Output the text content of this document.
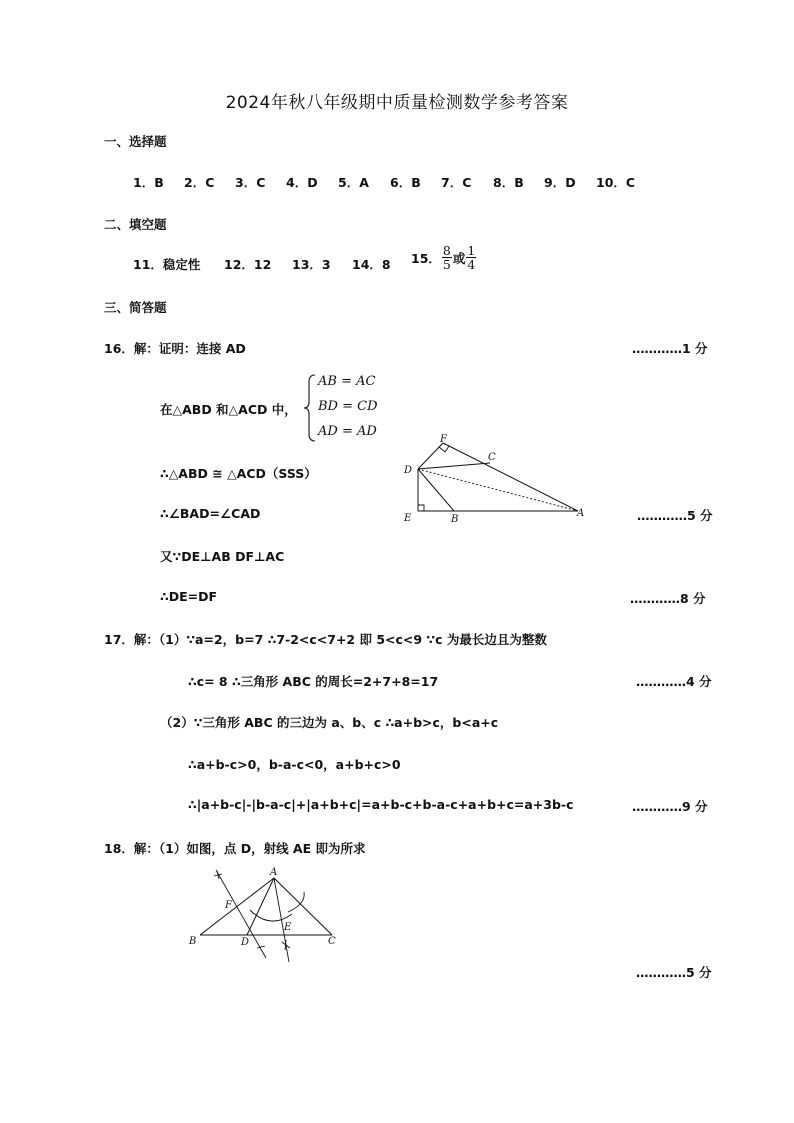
2024年秋八年级期中质量检测数学参考答案
一、选择题
1．B	2．C	3．C	4．D	5．A	6．B	7．C	8．B	9．D	10．C
二、填空题
11．稳定性 12．12 13．3 14．8 15． $\frac{8}{5}$ 或 $\frac{1}{4}$
三、简答题
16．解：证明：连接 AD	…………1 分
在△ABD 和△ACD 中，
AB = AC
BD = CD
AD = AD
∴△ABD ≅ △ACD（SSS）
F
C
D
E	B
A
∴∠BAD=∠CAD	…………5 分
又∵DE⊥AB DF⊥AC
∴DE=DF	…………8 分
17．解：（1）∵a=2，b=7 ∴7-2<c<7+2 即 5<c<9 ∵c 为最长边且为整数
∴c= 8 ∴三角形 ABC 的周长=2+7+8=17	…………4 分
（2）∵三角形 ABC 的三边为 a、b、c ∴a+b>c，b<a+c
∴a+b-c>0，b-a-c<0，a+b+c>0
∴|a+b-c|-|b-a-c|+|a+b+c|=a+b-c+b-a-c+a+b+c=a+3b-c	…………9 分
18．解：（1）如图，点 D，射线 AE 即为所求
A
F
B	D
E
C
…………5 分
